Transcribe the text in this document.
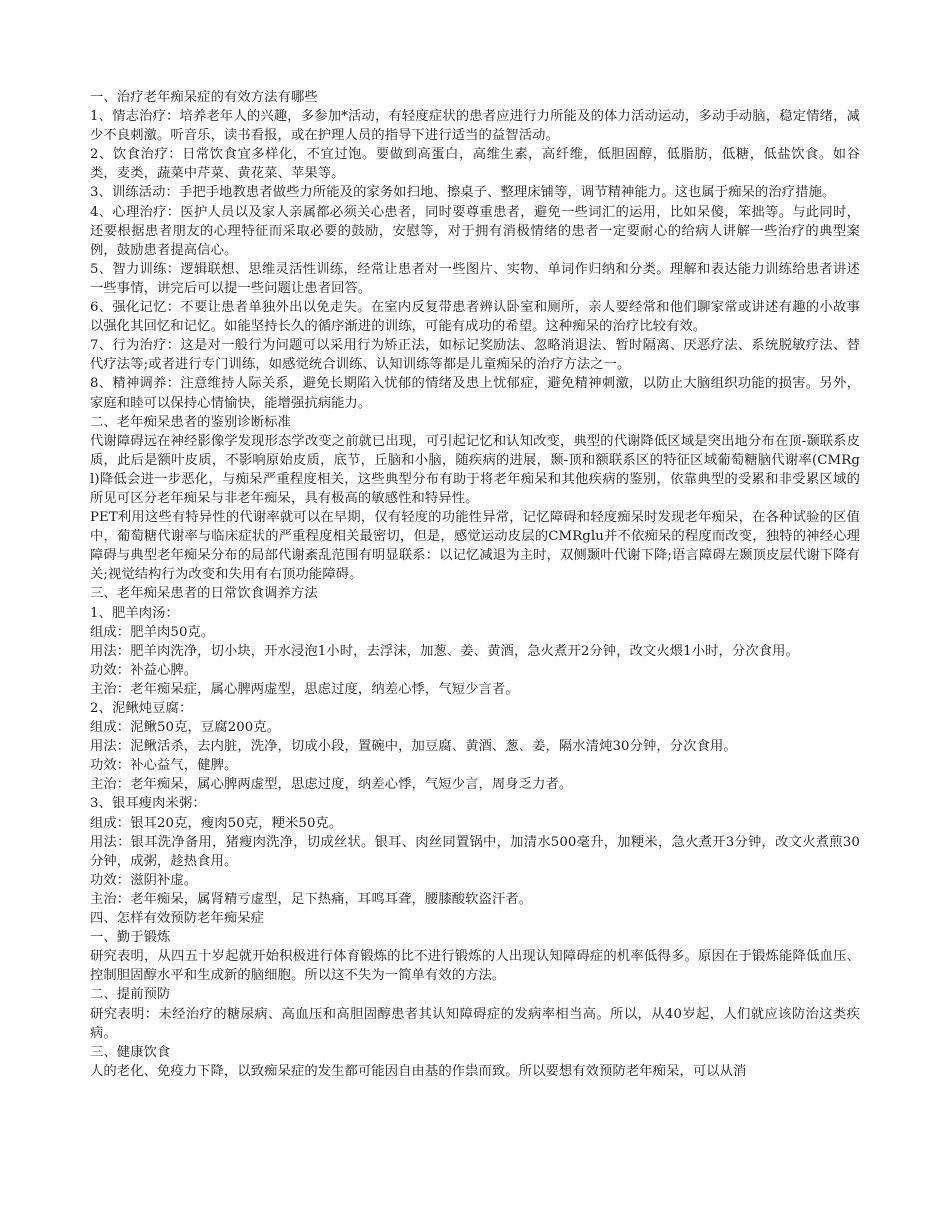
一、治疗老年痴呆症的有效方法有哪些

1、情志治疗：培养老年人的兴趣，多参加*活动，有轻度症状的患者应进行力所能及的体力活动运动，多动手动脑，稳定情绪，减少不良刺激。听音乐，读书看报，或在护理人员的指导下进行适当的益智活动。

2、饮食治疗：日常饮食宜多样化，不宜过饱。要做到高蛋白，高维生素，高纤维，低胆固醇，低脂肪，低糖，低盐饮食。如谷类，麦类，蔬菜中芹菜、黄花菜、苹果等。

3、训练活动：手把手地教患者做些力所能及的家务如扫地、擦桌子、整理床铺等，调节精神能力。这也属于痴呆的治疗措施。

4、心理治疗：医护人员以及家人亲属都必须关心患者，同时要尊重患者，避免一些词汇的运用，比如呆傻，笨拙等。与此同时，还要根据患者朋友的心理特征而采取必要的鼓励，安慰等，对于拥有消极情绪的患者一定要耐心的给病人讲解一些治疗的典型案例，鼓励患者提高信心。

5、智力训练：逻辑联想、思维灵活性训练，经常让患者对一些图片、实物、单词作归纳和分类。理解和表达能力训练给患者讲述一些事情，讲完后可以提一些问题让患者回答。

6、强化记忆：不要让患者单独外出以免走失。在室内反复带患者辨认卧室和厕所，亲人要经常和他们聊家常或讲述有趣的小故事以强化其回忆和记忆。如能坚持长久的循序渐进的训练，可能有成功的希望。这种痴呆的治疗比较有效。

7、行为治疗：这是对一般行为问题可以采用行为矫正法，如标记奖励法、忽略消退法、暂时隔离、厌恶疗法、系统脱敏疗法、替代疗法等;或者进行专门训练，如感觉统合训练、认知训练等都是儿童痴呆的治疗方法之一。

8、精神调养：注意维持人际关系，避免长期陷入忧郁的情绪及患上忧郁症，避免精神刺激，以防止大脑组织功能的损害。另外，家庭和睦可以保持心情愉快，能增强抗病能力。

二、老年痴呆患者的鉴别诊断标准

代谢障碍远在神经影像学发现形态学改变之前就已出现，可引起记忆和认知改变，典型的代谢降低区域是突出地分布在顶-颞联系皮质，此后是额叶皮质，不影响原始皮质，底节，丘脑和小脑，随疾病的进展，颞-顶和额联系区的特征区域葡萄糖脑代谢率(CMRgl)降低会进一步恶化，与痴呆严重程度相关，这些典型分布有助于将老年痴呆和其他疾病的鉴别，依靠典型的受累和非受累区域的所见可区分老年痴呆与非老年痴呆，具有极高的敏感性和特异性。

PET利用这些有特异性的代谢率就可以在早期，仅有轻度的功能性异常，记忆障碍和轻度痴呆时发现老年痴呆，在各种试验的区值中，葡萄糖代谢率与临床症状的严重程度相关最密切，但是，感觉运动皮层的CMRglu并不依痴呆的程度而改变，独特的神经心理障碍与典型老年痴呆分布的局部代谢紊乱范围有明显联系：以记忆减退为主时，双侧颞叶代谢下降;语言障碍左颞顶皮层代谢下降有关;视觉结构行为改变和失用有右顶功能障碍。

三、老年痴呆患者的日常饮食调养方法

1、肥羊肉汤：

组成：肥羊肉50克。

用法：肥羊肉洗净，切小块，开水浸泡1小时，去浮沫，加葱、姜、黄酒，急火煮开2分钟，改文火煨1小时，分次食用。

功效：补益心脾。

主治：老年痴呆症，属心脾两虚型，思虑过度，纳差心悸，气短少言者。

2、泥鳅炖豆腐：

组成：泥鳅50克，豆腐200克。

用法：泥鳅活杀，去内脏，洗净，切成小段，置碗中，加豆腐、黄酒、葱、姜，隔水清炖30分钟，分次食用。

功效：补心益气，健脾。

主治：老年痴呆，属心脾两虚型，思虑过度，纳差心悸，气短少言，周身乏力者。

3、银耳瘦肉米粥：

组成：银耳20克，瘦肉50克，粳米50克。

用法：银耳洗净备用，猪瘦肉洗净，切成丝状。银耳、肉丝同置锅中，加清水500毫升，加粳米，急火煮开3分钟，改文火煮煎30分钟，成粥，趁热食用。

功效：滋阴补虚。

主治：老年痴呆，属肾精亏虚型，足下热痛，耳鸣耳聋，腰膝酸软盗汗者。

四、怎样有效预防老年痴呆症

一、勤于锻炼

研究表明，从四五十岁起就开始积极进行体育锻炼的比不进行锻炼的人出现认知障碍症的机率低得多。原因在于锻炼能降低血压、控制胆固醇水平和生成新的脑细胞。所以这不失为一简单有效的方法。

二、提前预防

研究表明：未经治疗的糖尿病、高血压和高胆固醇患者其认知障碍症的发病率相当高。所以，从40岁起，人们就应该防治这类疾病。

三、健康饮食

人的老化、免疫力下降，以致痴呆症的发生都可能因自由基的作祟而致。所以要想有效预防老年痴呆，可以从消
